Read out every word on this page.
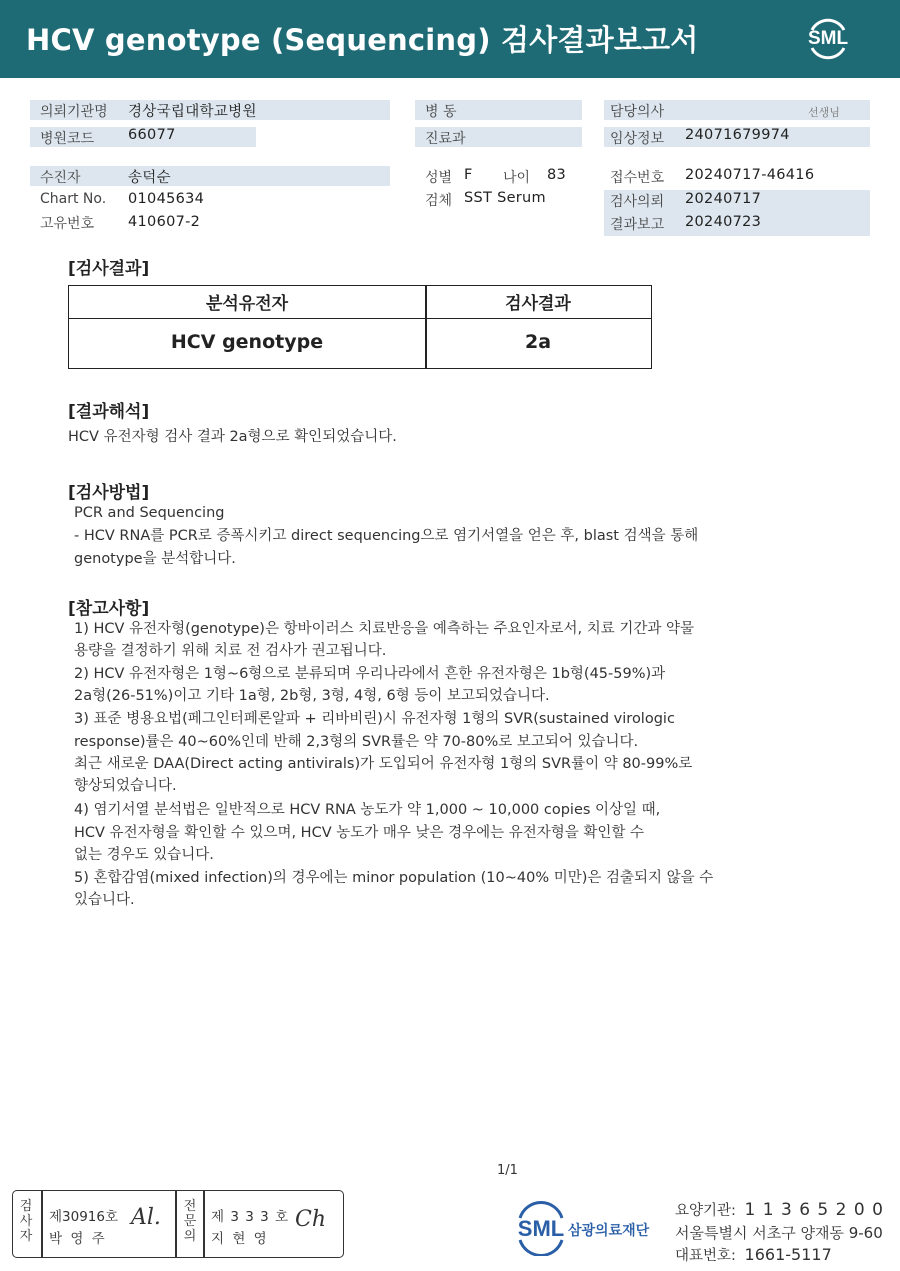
HCV genotype (Sequencing) 검사결과보고서	SML
의뢰기관명 경상국립대학교병원
병원코드 66077
병 동
진료과
담당의사	선생님
임상정보 24071679974
수진자	송덕순
Chart No. 01045634
고유번호 410607-2
성별 F 나이 83
검체 SST Serum
접수번호 20240717-46416
검사의뢰 20240717
결과보고 20240723
[검사결과]
분석유전자	검사결과
HCV genotype	2a
[결과해석]
HCV 유전자형 검사 결과 2a형으로 확인되었습니다.
[검사방법]
PCR and Sequencing
- HCV RNA를 PCR로 증폭시키고 direct sequencing으로 염기서열을 얻은 후, blast 검색을 통해
genotype을 분석합니다.
[참고사항]
1) HCV 유전자형(genotype)은 항바이러스 치료반응을 예측하는 주요인자로서, 치료 기간과 약물
용량을 결정하기 위해 치료 전 검사가 권고됩니다.
2) HCV 유전자형은 1형~6형으로 분류되며 우리나라에서 흔한 유전자형은 1b형(45-59%)과
2a형(26-51%)이고 기타 1a형, 2b형, 3형, 4형, 6형 등이 보고되었습니다.
3) 표준 병용요법(페그인터페론알파 + 리바비린)시 유전자형 1형의 SVR(sustained virologic
response)률은 40~60%인데 반해 2,3형의 SVR률은 약 70-80%로 보고되어 있습니다.
최근 새로운 DAA(Direct acting antivirals)가 도입되어 유전자형 1형의 SVR률이 약 80-99%로
향상되었습니다.
4) 염기서열 분석법은 일반적으로 HCV RNA 농도가 약 1,000 ~ 10,000 copies 이상일 때,
HCV 유전자형을 확인할 수 있으며, HCV 농도가 매우 낮은 경우에는 유전자형을 확인할 수
없는 경우도 있습니다.
5) 혼합감염(mixed infection)의 경우에는 minor population (10~40% 미만)은 검출되지 않을 수
있습니다.
1/1
검
사
자
제30916호
박 영 주
Al. 전
문
의
제 3 3 3 호
지 현 영
Ch	SML 삼광의료재단
요양기관: 1 1 3 6 5 2 0 0
서울특별시 서초구 양재동 9-60
대표번호: 1661-5117
